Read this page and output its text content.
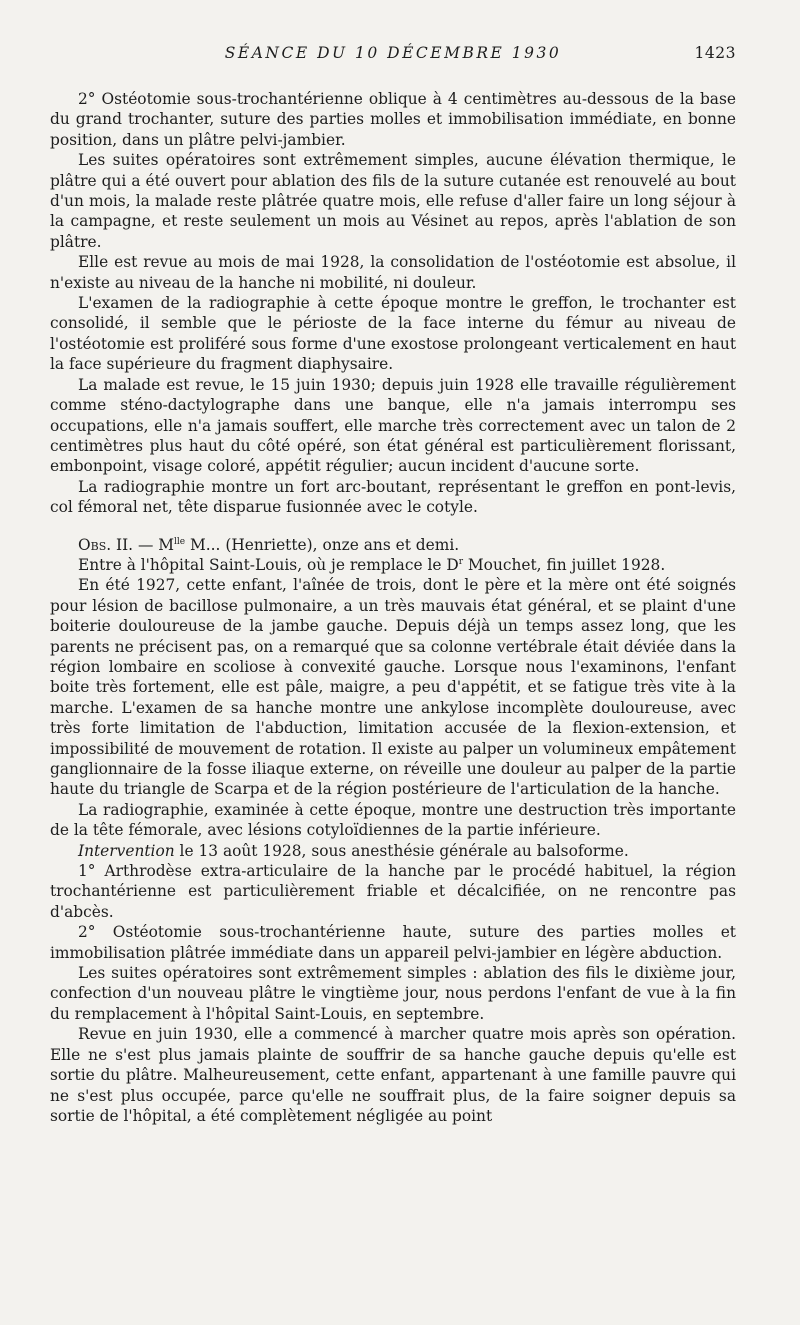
SÉANCE DU 10 DÉCEMBRE 1930	1423

2° Ostéotomie sous-trochantérienne oblique à 4 centimètres au-dessous de la base du grand trochanter, suture des parties molles et immobilisation immédiate, en bonne position, dans un plâtre pelvi-jambier.

Les suites opératoires sont extrêmement simples, aucune élévation thermique, le plâtre qui a été ouvert pour ablation des fils de la suture cutanée est renouvelé au bout d'un mois, la malade reste plâtrée quatre mois, elle refuse d'aller faire un long séjour à la campagne, et reste seulement un mois au Vésinet au repos, après l'ablation de son plâtre.

Elle est revue au mois de mai 1928, la consolidation de l'ostéotomie est absolue, il n'existe au niveau de la hanche ni mobilité, ni douleur.

L'examen de la radiographie à cette époque montre le greffon, le trochanter est consolidé, il semble que le périoste de la face interne du fémur au niveau de l'ostéotomie est proliféré sous forme d'une exostose prolongeant verticalement en haut la face supérieure du fragment diaphysaire.

La malade est revue, le 15 juin 1930; depuis juin 1928 elle travaille régulièrement comme sténo-dactylographe dans une banque, elle n'a jamais interrompu ses occupations, elle n'a jamais souffert, elle marche très correctement avec un talon de 2 centimètres plus haut du côté opéré, son état général est particulièrement florissant, embonpoint, visage coloré, appétit régulier; aucun incident d'aucune sorte.

La radiographie montre un fort arc-boutant, représentant le greffon en pont-levis, col fémoral net, tête disparue fusionnée avec le cotyle.

Obs. II. — $M^{lle}$ M... (Henriette), onze ans et demi.

Entre à l'hôpital Saint-Louis, où je remplace le $D^r$ Mouchet, fin juillet 1928.

En été 1927, cette enfant, l'aînée de trois, dont le père et la mère ont été soignés pour lésion de bacillose pulmonaire, a un très mauvais état général, et se plaint d'une boiterie douloureuse de la jambe gauche. Depuis déjà un temps assez long, que les parents ne précisent pas, on a remarqué que sa colonne vertébrale était déviée dans la région lombaire en scoliose à convexité gauche. Lorsque nous l'examinons, l'enfant boite très fortement, elle est pâle, maigre, a peu d'appétit, et se fatigue très vite à la marche. L'examen de sa hanche montre une ankylose incomplète douloureuse, avec très forte limitation de l'abduction, limitation accusée de la flexion-extension, et impossibilité de mouvement de rotation. Il existe au palper un volumineux empâtement ganglionnaire de la fosse iliaque externe, on réveille une douleur au palper de la partie haute du triangle de Scarpa et de la région postérieure de l'articulation de la hanche.

La radiographie, examinée à cette époque, montre une destruction très importante de la tête fémorale, avec lésions cotyloïdiennes de la partie inférieure.

Intervention le 13 août 1928, sous anesthésie générale au balsoforme.

1° Arthrodèse extra-articulaire de la hanche par le procédé habituel, la région trochantérienne est particulièrement friable et décalcifiée, on ne rencontre pas d'abcès.

2° Ostéotomie sous-trochantérienne haute, suture des parties molles et immobilisation plâtrée immédiate dans un appareil pelvi-jambier en légère abduction.

Les suites opératoires sont extrêmement simples : ablation des fils le dixième jour, confection d'un nouveau plâtre le vingtième jour, nous perdons l'enfant de vue à la fin du remplacement à l'hôpital Saint-Louis, en septembre.

Revue en juin 1930, elle a commencé à marcher quatre mois après son opération. Elle ne s'est plus jamais plainte de souffrir de sa hanche gauche depuis qu'elle est sortie du plâtre. Malheureusement, cette enfant, appartenant à une famille pauvre qui ne s'est plus occupée, parce qu'elle ne souffrait plus, de la faire soigner depuis sa sortie de l'hôpital, a été complètement négligée au point
